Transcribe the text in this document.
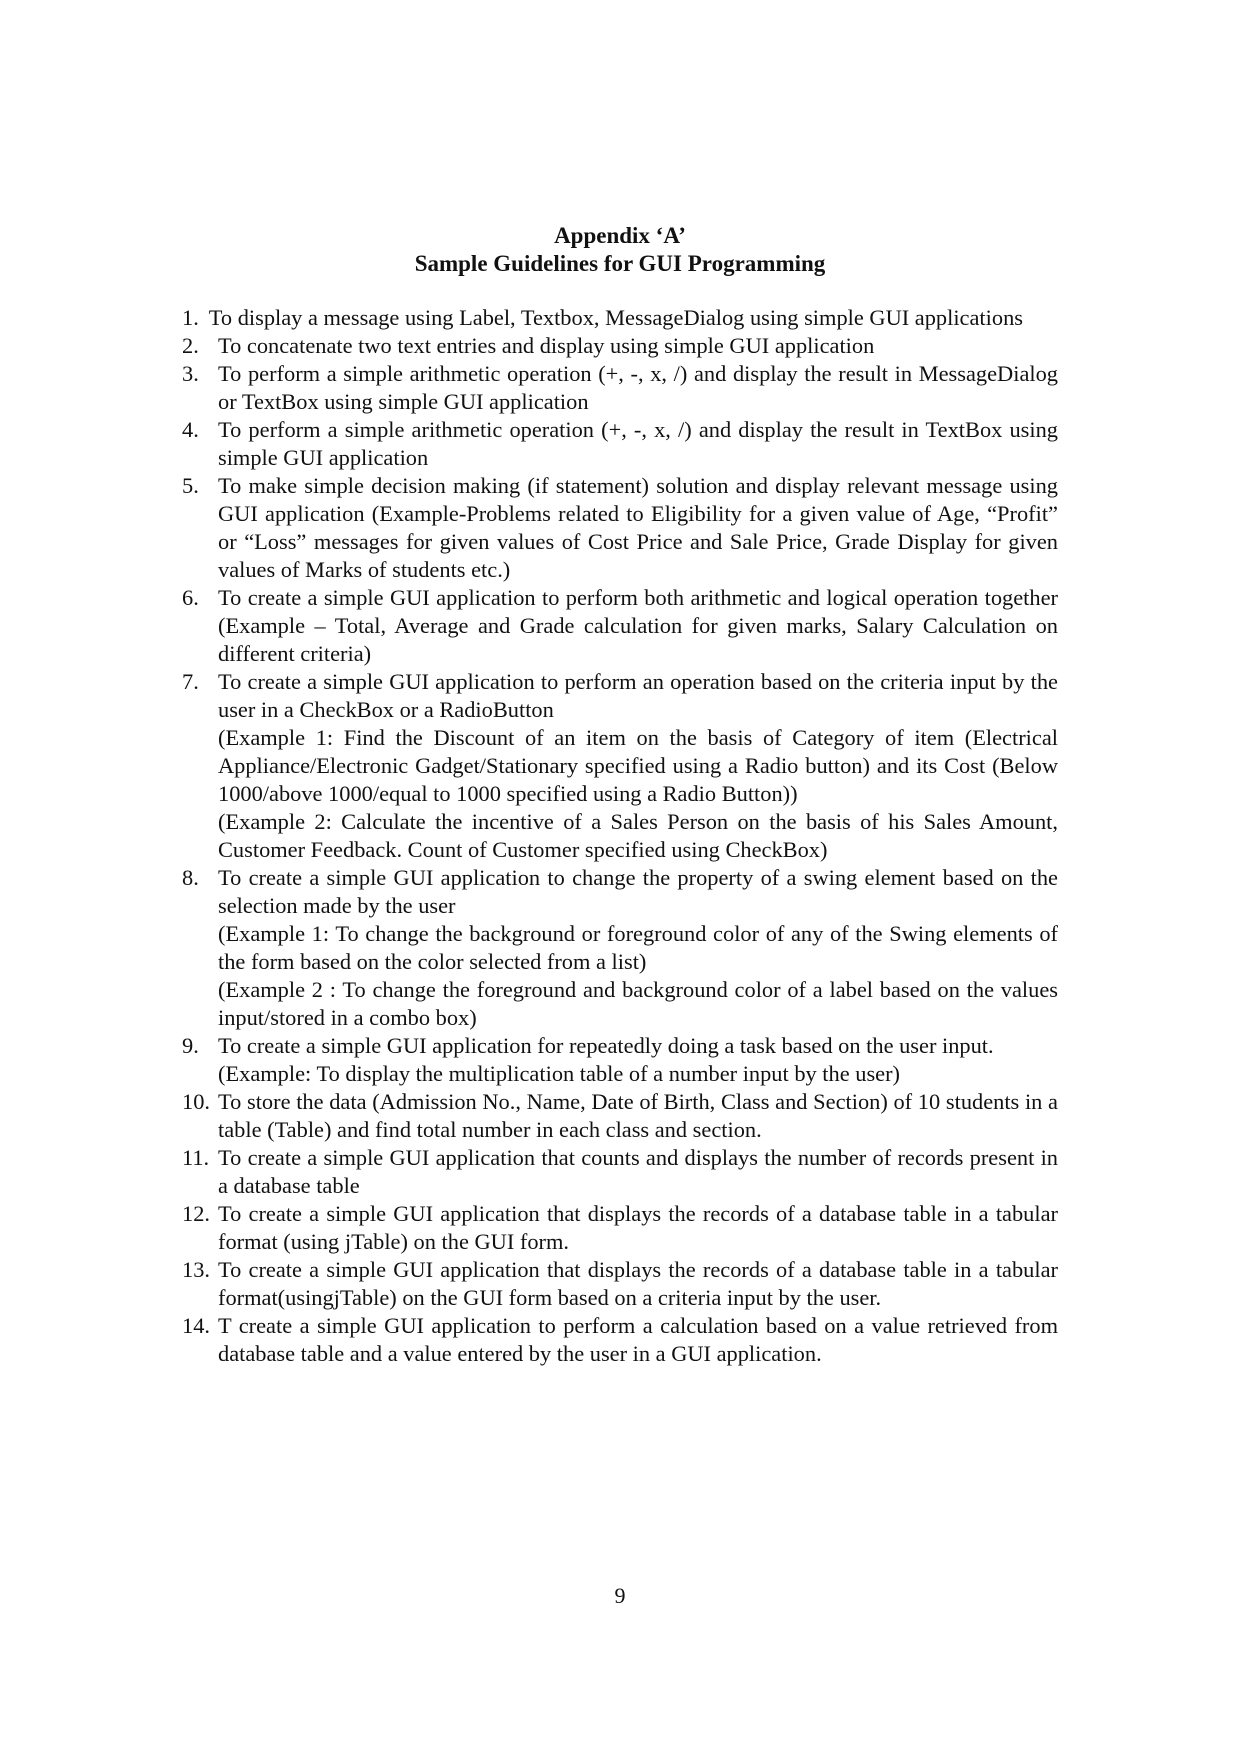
Appendix ‘A’
Sample Guidelines for GUI Programming

1. To display a message using Label, Textbox, MessageDialog using simple GUI applications

2. To concatenate two text entries and display using simple GUI application

3. To perform a simple arithmetic operation (+, -, x, /) and display the result in MessageDialog or TextBox using simple GUI application

4. To perform a simple arithmetic operation (+, -, x, /) and display the result in TextBox using simple GUI application

5. To make simple decision making (if statement) solution and display relevant message using GUI application (Example-Problems related to Eligibility for a given value of Age, “Profit” or “Loss” messages for given values of Cost Price and Sale Price, Grade Display for given values of Marks of students etc.)

6. To create a simple GUI application to perform both arithmetic and logical operation together (Example – Total, Average and Grade calculation for given marks, Salary Calculation on different criteria)

7. To create a simple GUI application to perform an operation based on the criteria input by the user in a CheckBox or a RadioButton

(Example 1: Find the Discount of an item on the basis of Category of item (Electrical Appliance/Electronic Gadget/Stationary specified using a Radio button) and its Cost (Below 1000/above 1000/equal to 1000 specified using a Radio Button))

(Example 2: Calculate the incentive of a Sales Person on the basis of his Sales Amount, Customer Feedback. Count of Customer specified using CheckBox)

8. To create a simple GUI application to change the property of a swing element based on the selection made by the user

(Example 1: To change the background or foreground color of any of the Swing elements of the form based on the color selected from a list)

(Example 2 : To change the foreground and background color of a label based on the values input/stored in a combo box)

9. To create a simple GUI application for repeatedly doing a task based on the user input.

(Example: To display the multiplication table of a number input by the user)

10. To store the data (Admission No., Name, Date of Birth, Class and Section) of 10 students in a table (Table) and find total number in each class and section.

11. To create a simple GUI application that counts and displays the number of records present in a database table

12. To create a simple GUI application that displays the records of a database table in a tabular format (using jTable) on the GUI form.

13. To create a simple GUI application that displays the records of a database table in a tabular format(usingjTable) on the GUI form based on a criteria input by the user.

14. T create a simple GUI application to perform a calculation based on a value retrieved from database table and a value entered by the user in a GUI application.

9
